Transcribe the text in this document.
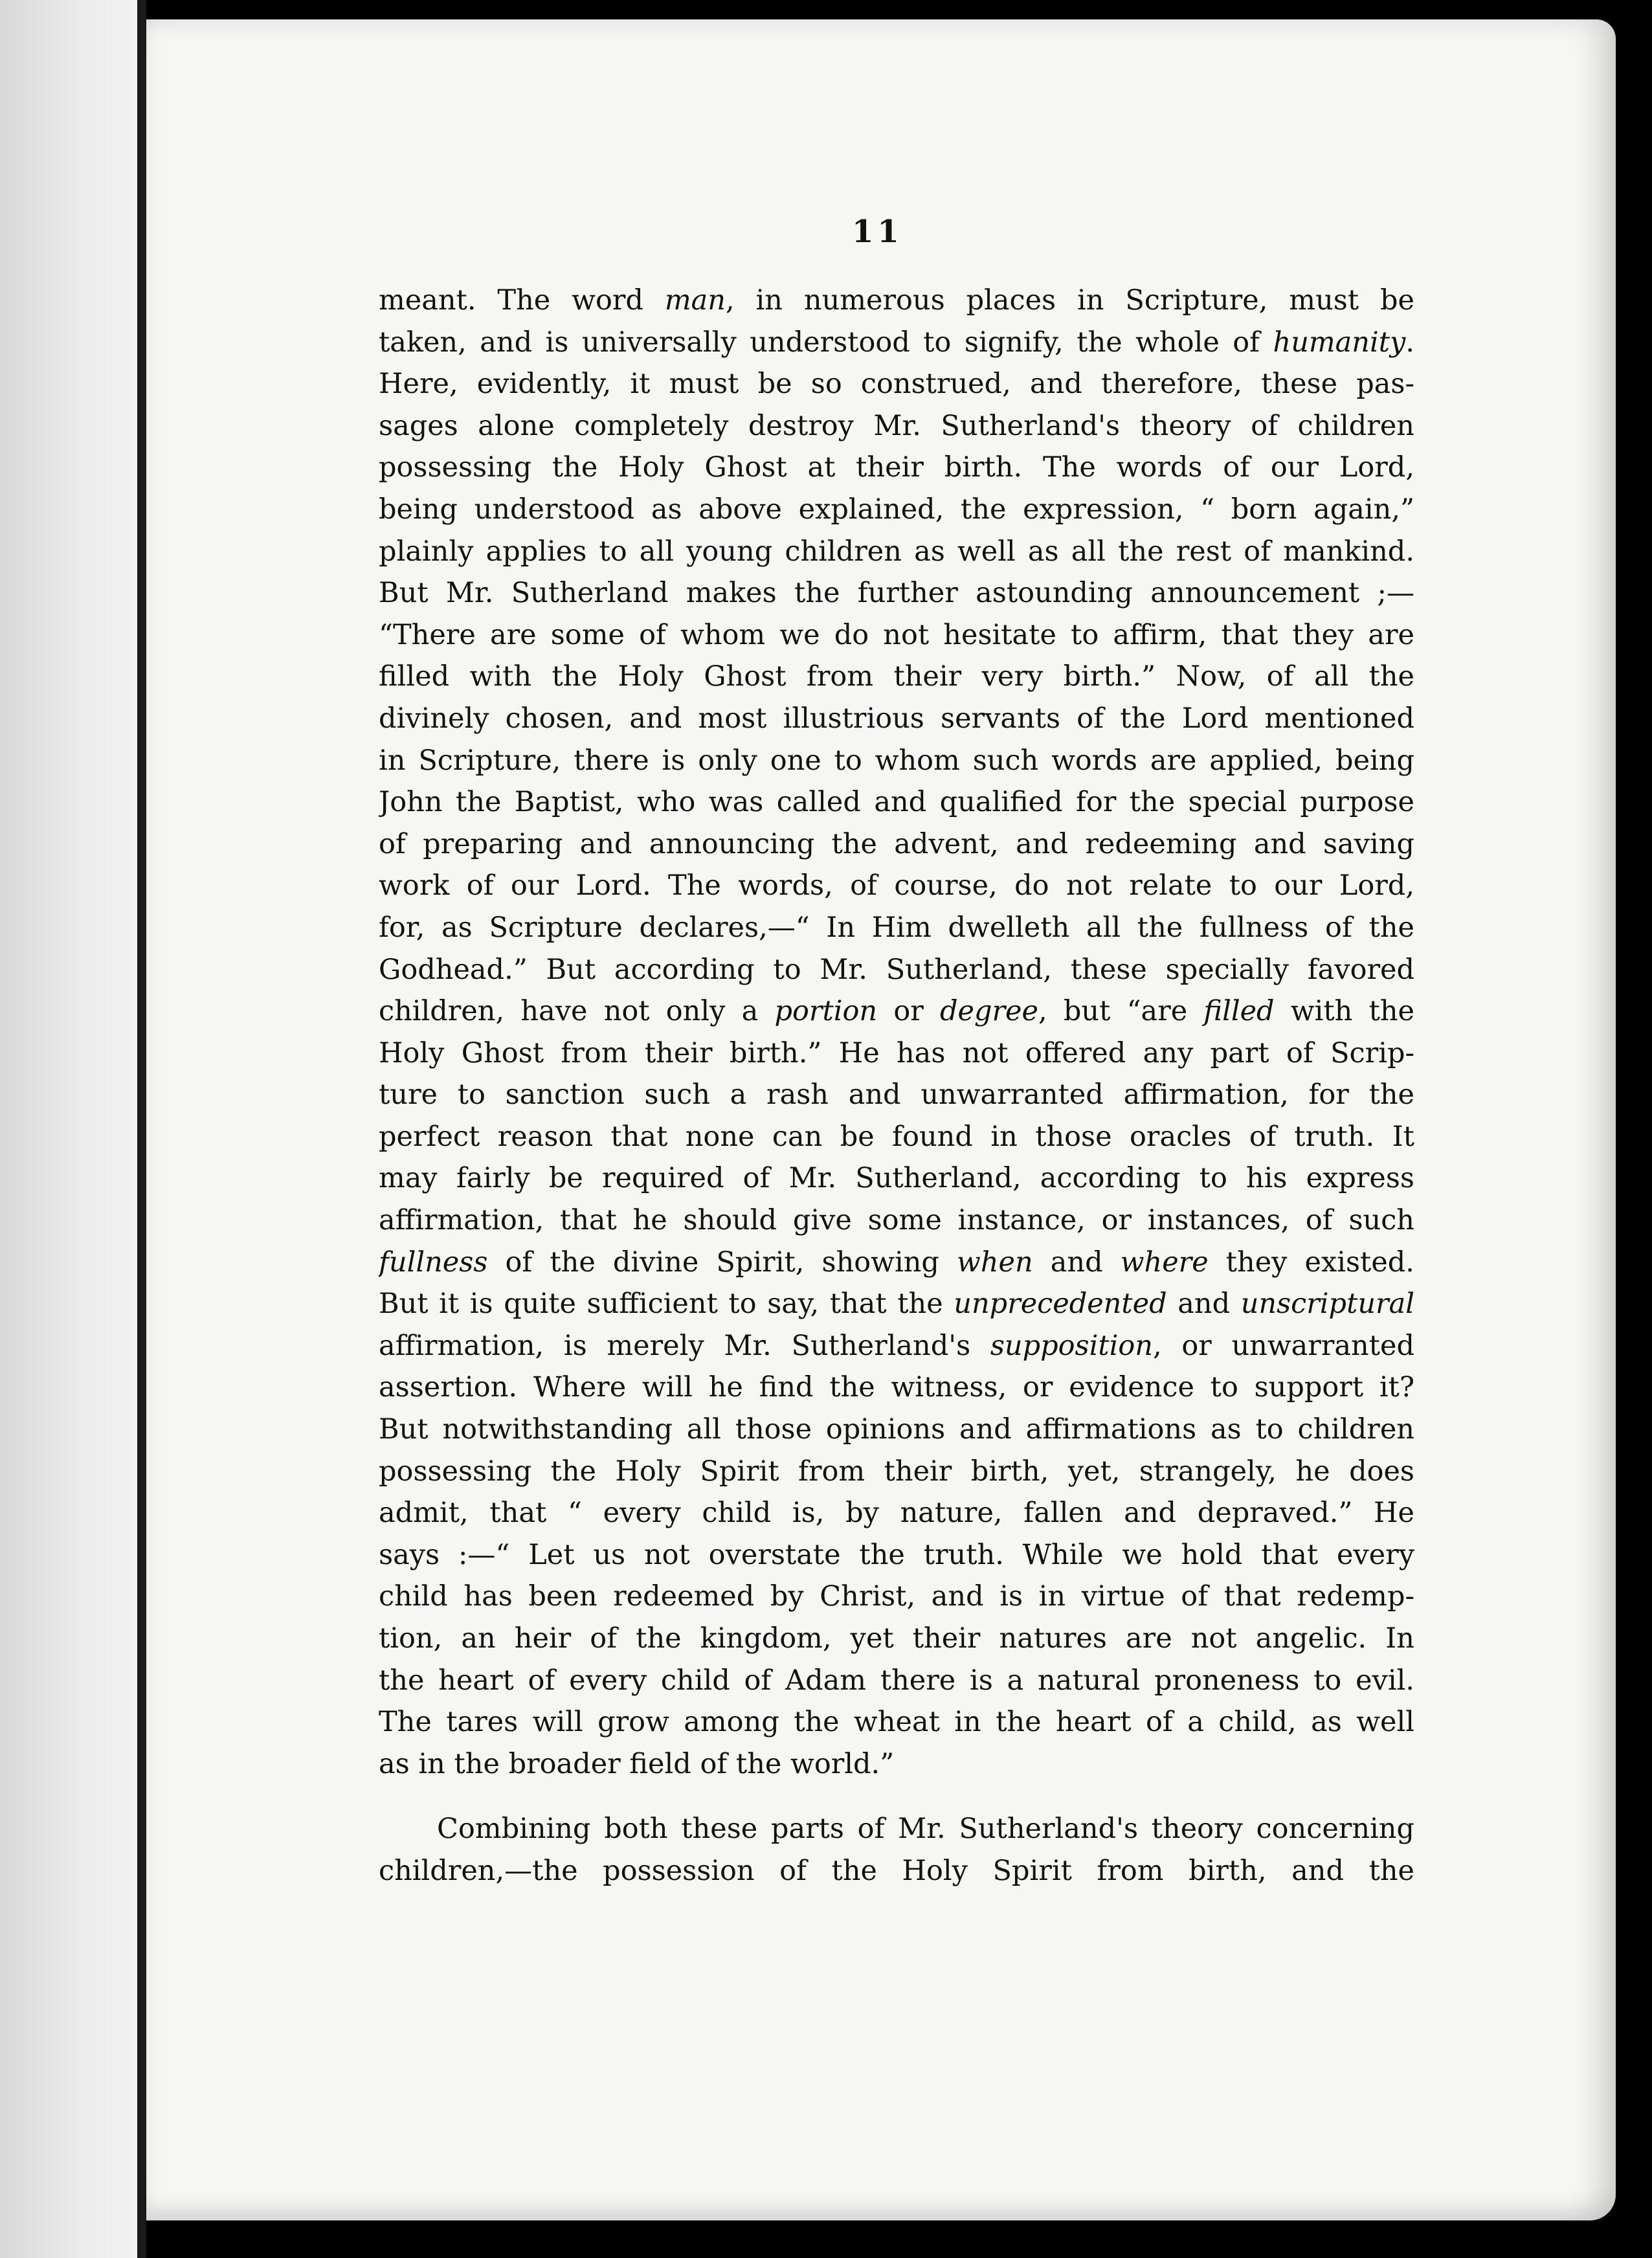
11
meant. The word man, in numerous places in Scripture, must be
taken, and is universally understood to signify, the whole of humanity.
Here, evidently, it must be so construed, and therefore, these pas-
sages alone completely destroy Mr. Sutherland's theory of children
possessing the Holy Ghost at their birth. The words of our Lord,
being understood as above explained, the expression, “ born again,”
plainly applies to all young children as well as all the rest of mankind.
But Mr. Sutherland makes the further astounding announcement ;—
“There are some of whom we do not hesitate to affirm, that they are
filled with the Holy Ghost from their very birth.” Now, of all the
divinely chosen, and most illustrious servants of the Lord mentioned
in Scripture, there is only one to whom such words are applied, being
John the Baptist, who was called and qualified for the special purpose
of preparing and announcing the advent, and redeeming and saving
work of our Lord. The words, of course, do not relate to our Lord,
for, as Scripture declares,—“ In Him dwelleth all the fullness of the
Godhead.” But according to Mr. Sutherland, these specially favored
children, have not only a portion or degree, but “are filled with the
Holy Ghost from their birth.” He has not offered any part of Scrip-
ture to sanction such a rash and unwarranted affirmation, for the
perfect reason that none can be found in those oracles of truth. It
may fairly be required of Mr. Sutherland, according to his express
affirmation, that he should give some instance, or instances, of such
fullness of the divine Spirit, showing when and where they existed.
But it is quite sufficient to say, that the unprecedented and unscriptural
affirmation, is merely Mr. Sutherland's supposition, or unwarranted
assertion. Where will he find the witness, or evidence to support it?
But notwithstanding all those opinions and affirmations as to children
possessing the Holy Spirit from their birth, yet, strangely, he does
admit, that “ every child is, by nature, fallen and depraved.” He
says :—“ Let us not overstate the truth. While we hold that every
child has been redeemed by Christ, and is in virtue of that redemp-
tion, an heir of the kingdom, yet their natures are not angelic. In
the heart of every child of Adam there is a natural proneness to evil.
The tares will grow among the wheat in the heart of a child, as well
as in the broader field of the world.”
Combining both these parts of Mr. Sutherland's theory concerning
children,—the possession of the Holy Spirit from birth, and the
